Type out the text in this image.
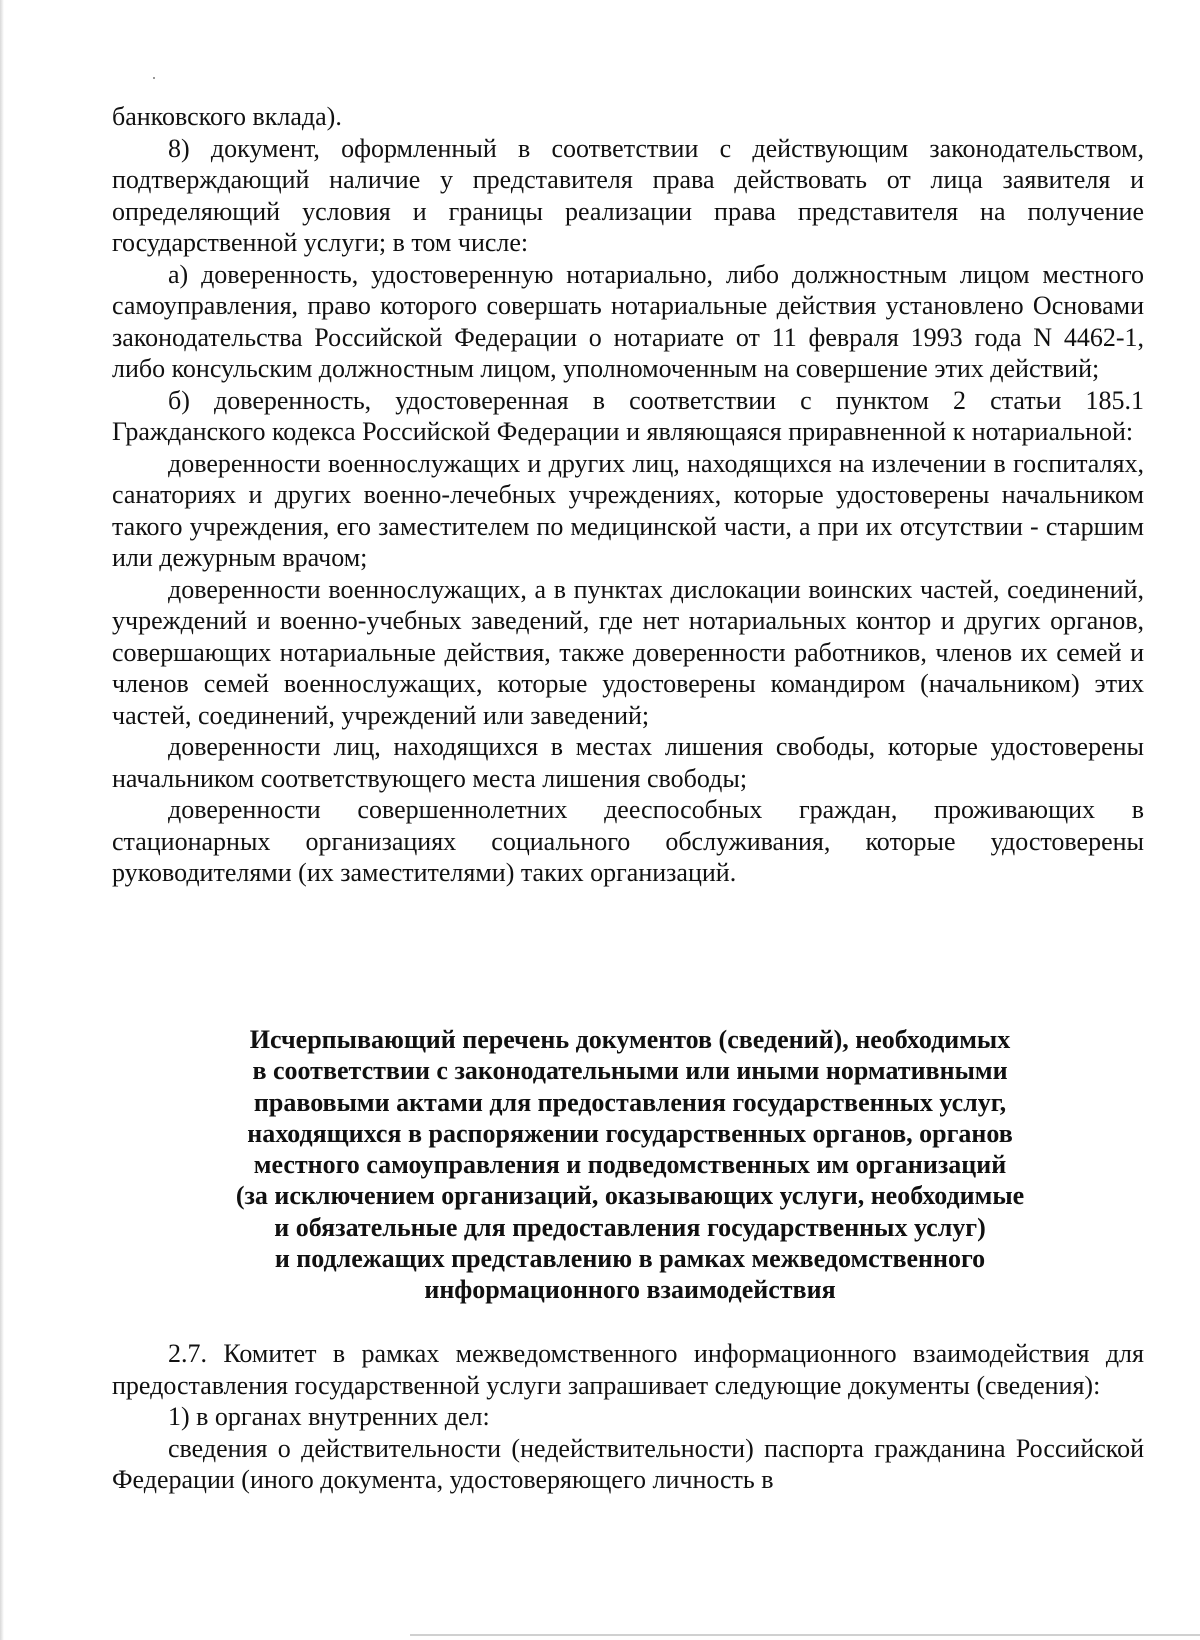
банковского вклада).

8) документ, оформленный в соответствии с действующим законодательством, подтверждающий наличие у представителя права действовать от лица заявителя и определяющий условия и границы реализации права представителя на получение государственной услуги; в том числе:

а) доверенность, удостоверенную нотариально, либо должностным лицом местного самоуправления, право которого совершать нотариальные действия установлено Основами законодательства Российской Федерации о нотариате от 11 февраля 1993 года N 4462-1, либо консульским должностным лицом, уполномоченным на совершение этих действий;

б) доверенность, удостоверенная в соответствии с пунктом 2 статьи 185.1 Гражданского кодекса Российской Федерации и являющаяся приравненной к нотариальной:

доверенности военнослужащих и других лиц, находящихся на излечении в госпиталях, санаториях и других военно-лечебных учреждениях, которые удостоверены начальником такого учреждения, его заместителем по медицинской части, а при их отсутствии - старшим или дежурным врачом;

доверенности военнослужащих, а в пунктах дислокации воинских частей, соединений, учреждений и военно-учебных заведений, где нет нотариальных контор и других органов, совершающих нотариальные действия, также доверенности работников, членов их семей и членов семей военнослужащих, которые удостоверены командиром (начальником) этих частей, соединений, учреждений или заведений;

доверенности лиц, находящихся в местах лишения свободы, которые удостоверены начальником соответствующего места лишения свободы;

доверенности совершеннолетних дееспособных граждан, проживающих в стационарных организациях социального обслуживания, которые удостоверены руководителями (их заместителями) таких организаций.

Исчерпывающий перечень документов (сведений), необходимых
в соответствии с законодательными или иными нормативными
правовыми актами для предоставления государственных услуг,
находящихся в распоряжении государственных органов, органов
местного самоуправления и подведомственных им организаций
(за исключением организаций, оказывающих услуги, необходимые
и обязательные для предоставления государственных услуг)
и подлежащих представлению в рамках межведомственного
информационного взаимодействия

2.7. Комитет в рамках межведомственного информационного взаимодействия для предоставления государственной услуги запрашивает следующие документы (сведения):

1) в органах внутренних дел:

сведения о действительности (недействительности) паспорта гражданина Российской Федерации (иного документа, удостоверяющего личность в
